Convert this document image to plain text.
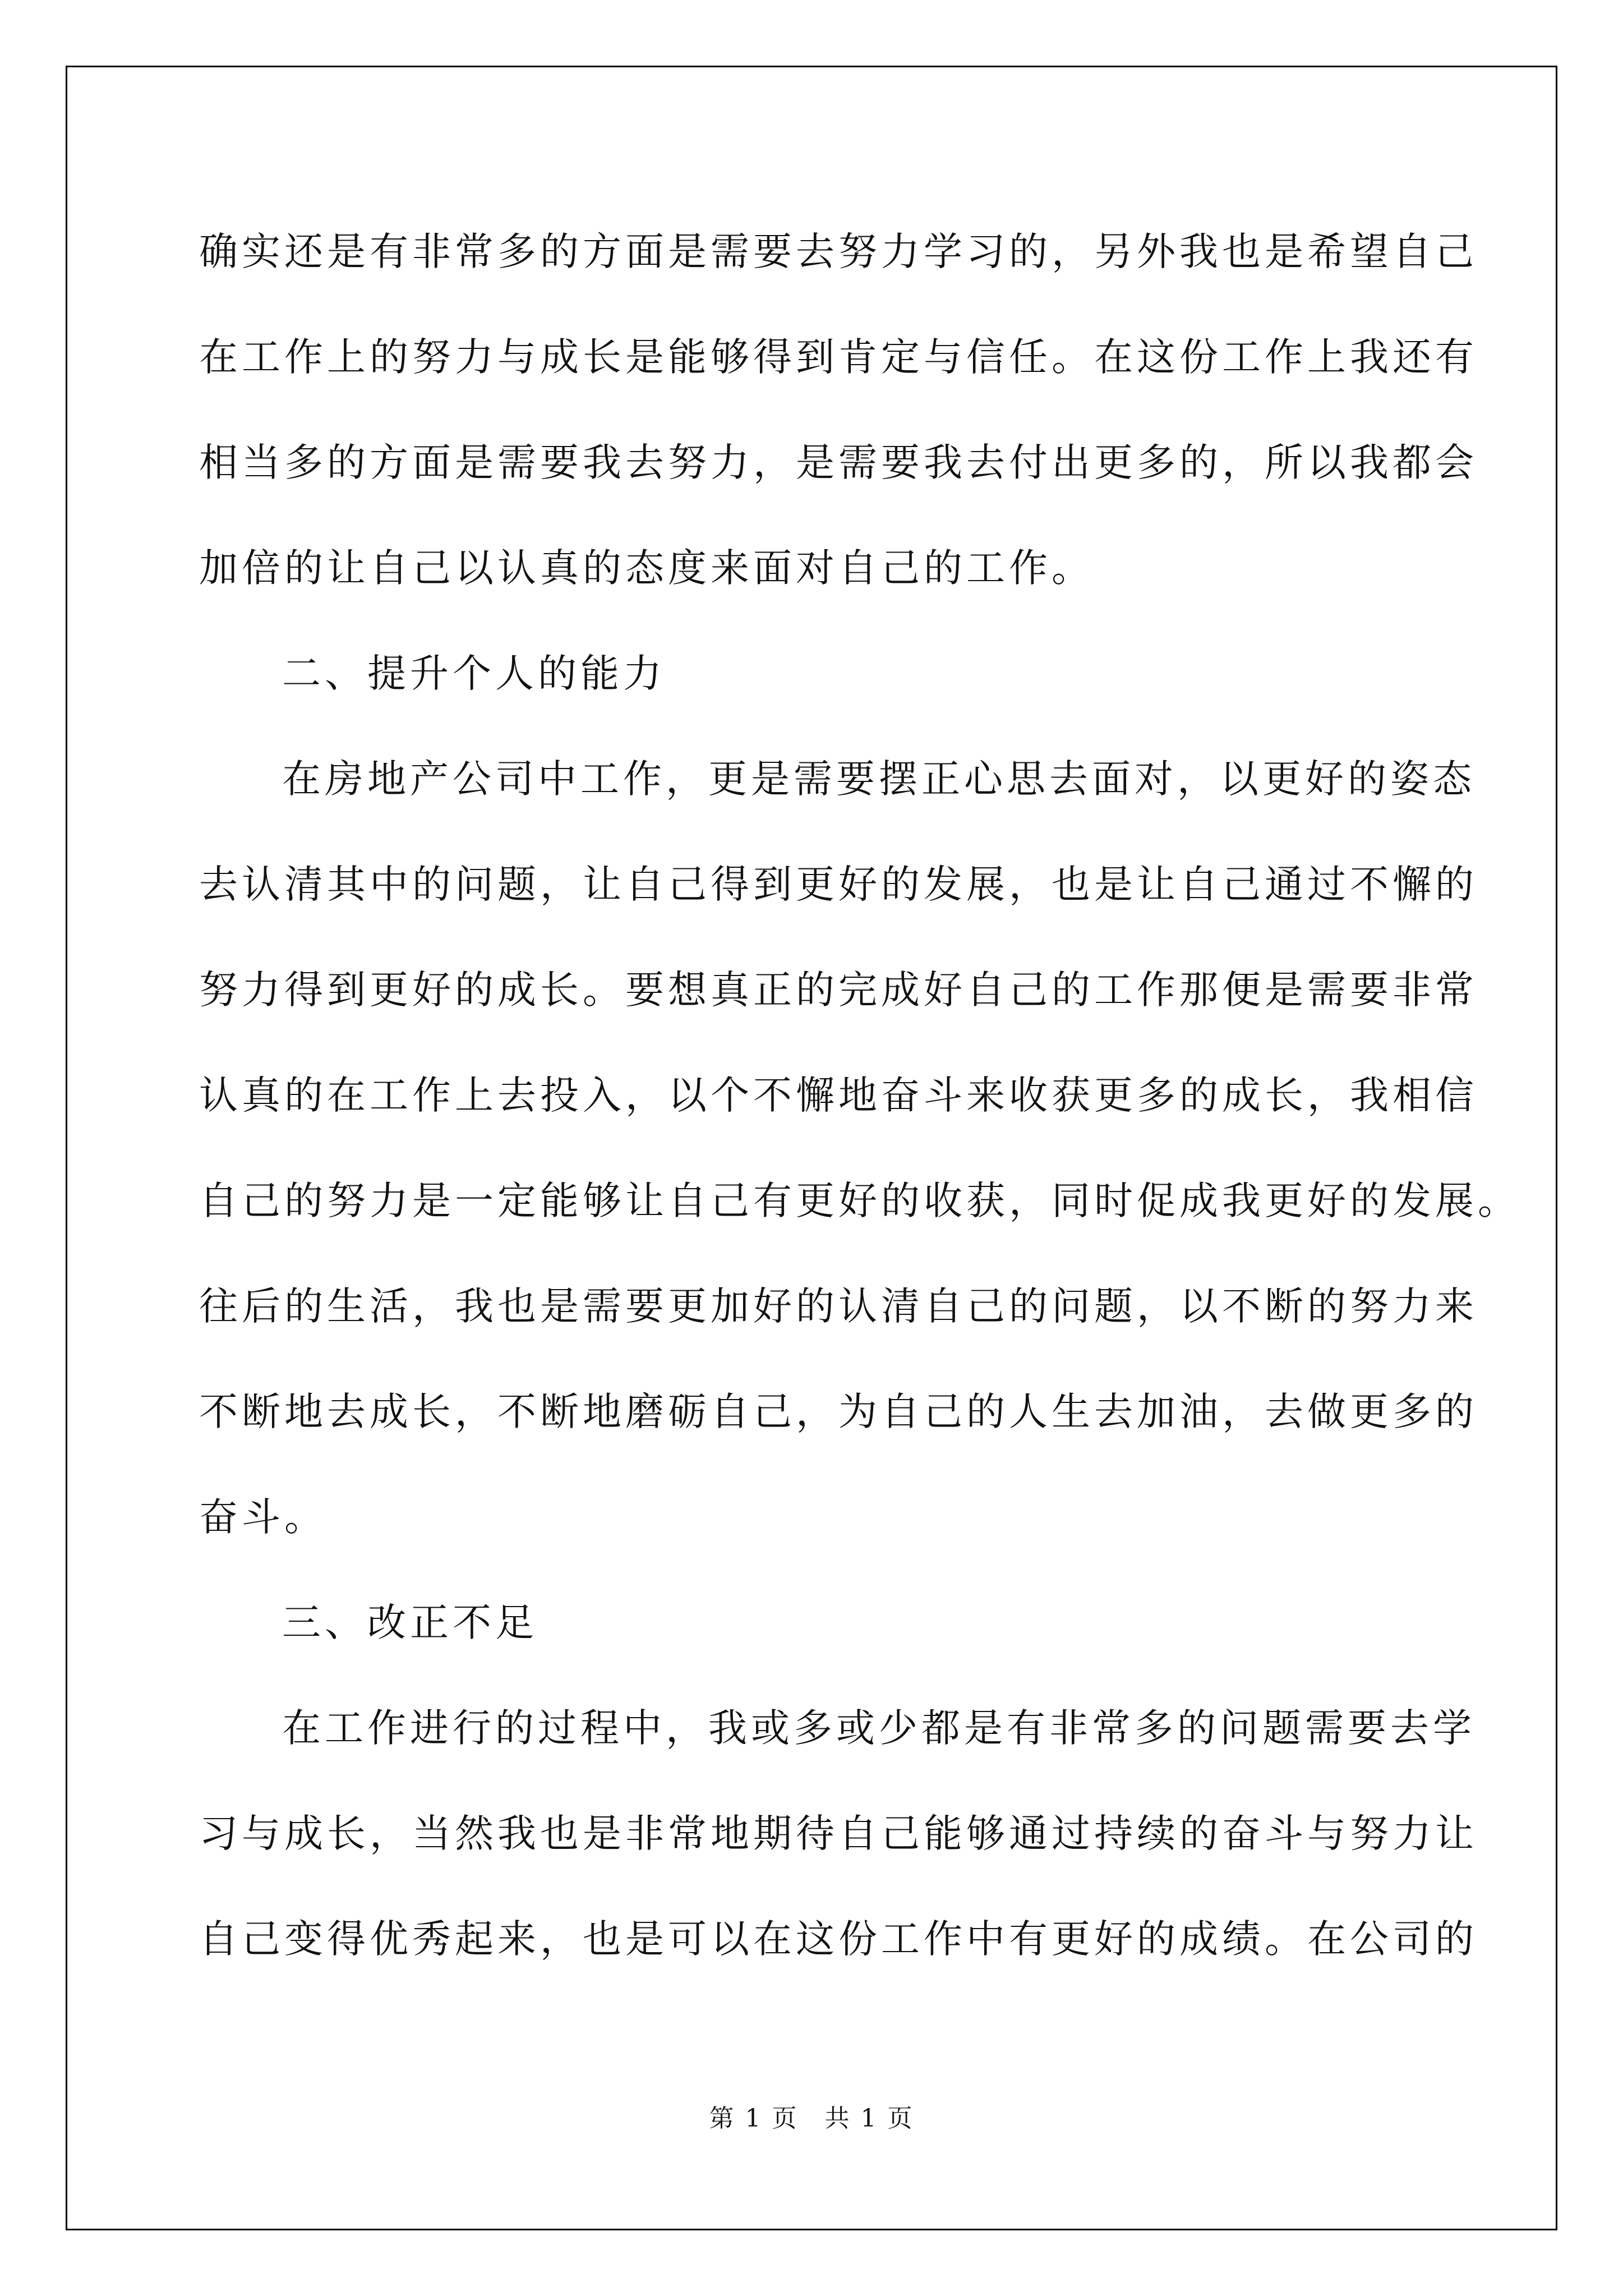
确实还是有非常多的方面是需要去努力学习的，另外我也是希望自己
在工作上的努力与成长是能够得到肯定与信任。在这份工作上我还有
相当多的方面是需要我去努力，是需要我去付出更多的，所以我都会
加倍的让自己以认真的态度来面对自己的工作。
二、提升个人的能力
在房地产公司中工作，更是需要摆正心思去面对，以更好的姿态
去认清其中的问题，让自己得到更好的发展，也是让自己通过不懈的
努力得到更好的成长。要想真正的完成好自己的工作那便是需要非常
认真的在工作上去投入，以个不懈地奋斗来收获更多的成长，我相信
自己的努力是一定能够让自己有更好的收获，同时促成我更好的发展。
往后的生活，我也是需要更加好的认清自己的问题，以不断的努力来
不断地去成长，不断地磨砺自己，为自己的人生去加油，去做更多的
奋斗。
三、改正不足
在工作进行的过程中，我或多或少都是有非常多的问题需要去学
习与成长，当然我也是非常地期待自己能够通过持续的奋斗与努力让
自己变得优秀起来，也是可以在这份工作中有更好的成绩。在公司的
第 1 页　共 1 页
